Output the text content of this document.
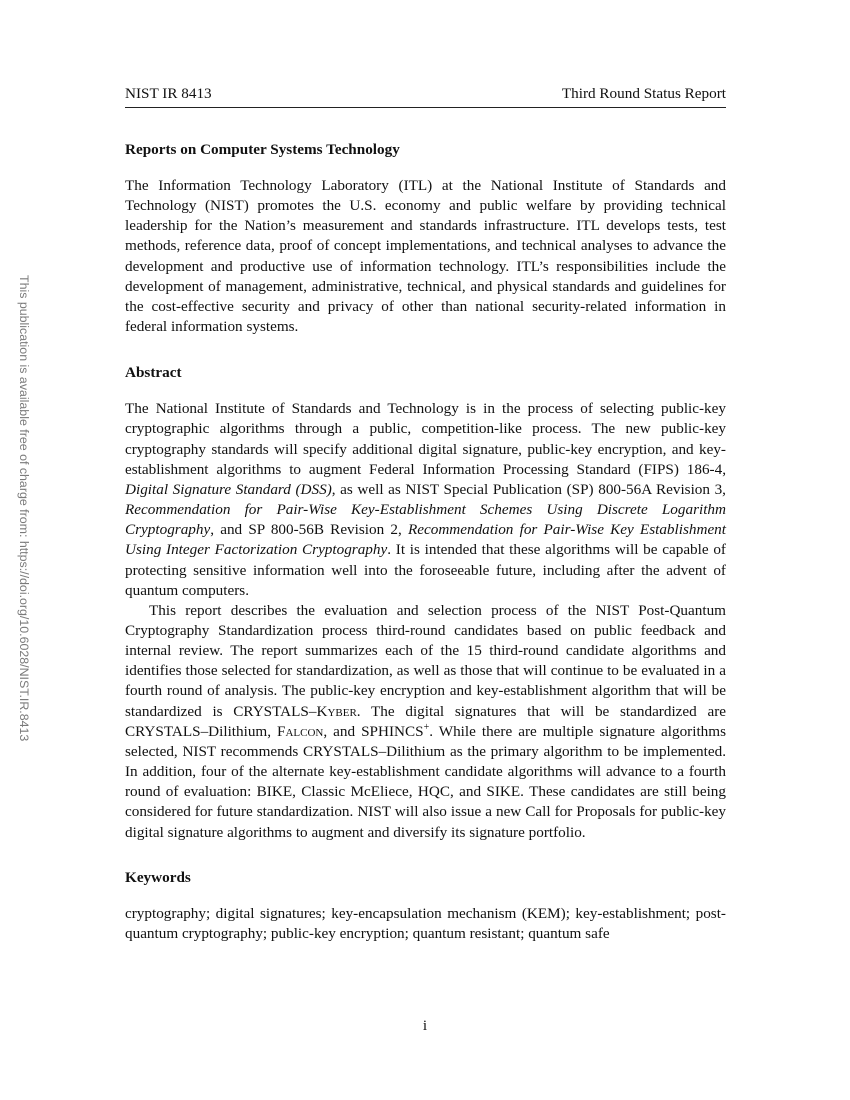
This publication is available free of charge from: https://doi.org/10.6028/NIST.IR.8413
NIST IR 8413	Third Round Status Report
Reports on Computer Systems Technology

The Information Technology Laboratory (ITL) at the National Institute of Standards and Technology (NIST) promotes the U.S. economy and public welfare by providing technical leadership for the Nation’s measurement and standards infrastructure. ITL develops tests, test methods, reference data, proof of concept implementations, and technical analyses to advance the development and productive use of information technology. ITL’s responsibilities include the development of management, administrative, technical, and physical standards and guidelines for the cost-effective security and privacy of other than national security-related information in federal information systems.

Abstract

The National Institute of Standards and Technology is in the process of selecting public-key cryptographic algorithms through a public, competition-like process. The new public-key cryptography standards will specify additional digital signature, public-key encryption, and key-establishment algorithms to augment Federal Information Processing Standard (FIPS) 186-4, Digital Signature Standard (DSS), as well as NIST Special Publication (SP) 800-56A Revision 3, Recommendation for Pair-Wise Key-Establishment Schemes Using Discrete Logarithm Cryptography, and SP 800-56B Revision 2, Recommendation for Pair-Wise Key Establishment Using Integer Factorization Cryptography. It is intended that these algorithms will be capable of protecting sensitive information well into the foroseeable future, including after the advent of quantum computers.

This report describes the evaluation and selection process of the NIST Post-Quantum Cryptography Standardization process third-round candidates based on public feedback and internal review. The report summarizes each of the 15 third-round candidate algorithms and identifies those selected for standardization, as well as those that will continue to be evaluated in a fourth round of analysis. The public-key encryption and key-establishment algorithm that will be standardized is CRYSTALS–Kyber. The digital signatures that will be standardized are CRYSTALS–Dilithium, Falcon, and SPHINCS+. While there are multiple signature algorithms selected, NIST recommends CRYSTALS–Dilithium as the primary algorithm to be implemented. In addition, four of the alternate key-establishment candidate algorithms will advance to a fourth round of evaluation: BIKE, Classic McEliece, HQC, and SIKE. These candidates are still being considered for future standardization. NIST will also issue a new Call for Proposals for public-key digital signature algorithms to augment and diversify its signature portfolio.

Keywords

cryptography; digital signatures; key-encapsulation mechanism (KEM); key-establishment; post-quantum cryptography; public-key encryption; quantum resistant; quantum safe

i
